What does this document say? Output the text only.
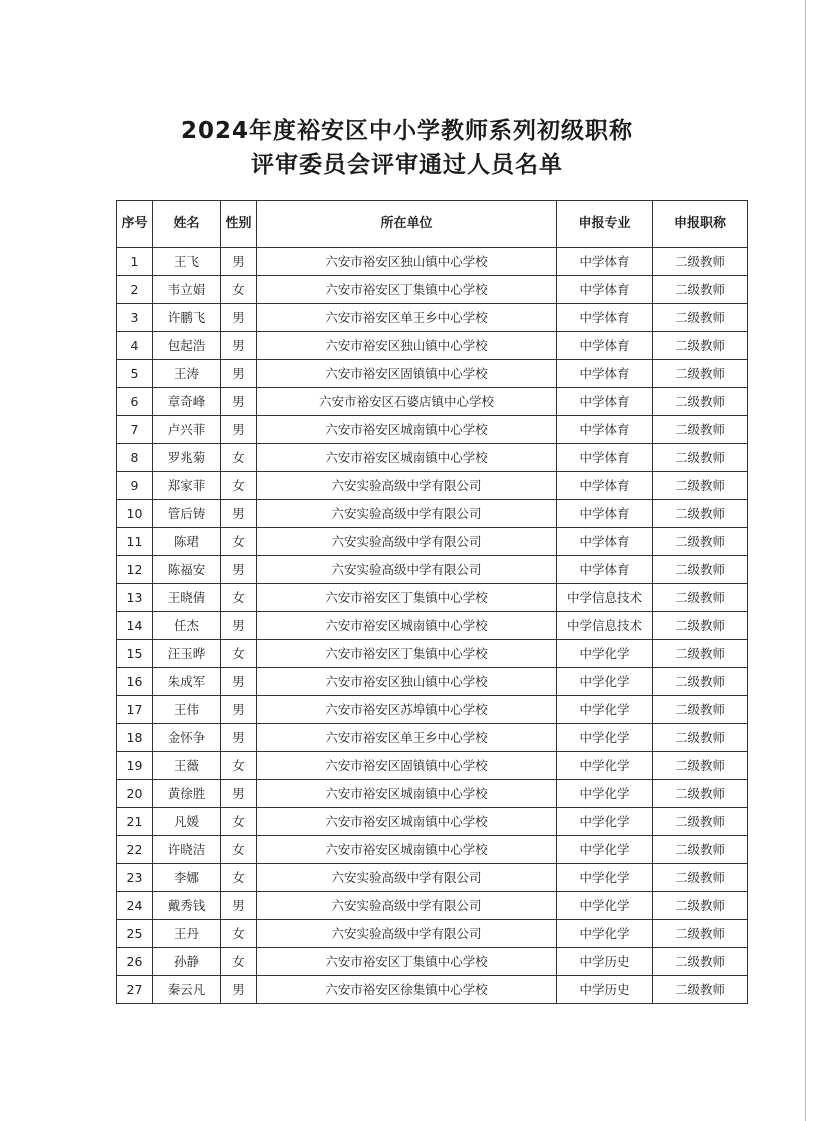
2024年度裕安区中小学教师系列初级职称
评审委员会评审通过人员名单
序号	姓名	性别	所在单位	申报专业	申报职称
1	王飞	男	六安市裕安区独山镇中心学校	中学体育	二级教师
2	韦立娟	女	六安市裕安区丁集镇中心学校	中学体育	二级教师
3	许鹏飞	男	六安市裕安区单王乡中心学校	中学体育	二级教师
4	包起浩	男	六安市裕安区独山镇中心学校	中学体育	二级教师
5	王涛	男	六安市裕安区固镇镇中心学校	中学体育	二级教师
6	章奇峰	男	六安市裕安区石婆店镇中心学校	中学体育	二级教师
7	卢兴菲	男	六安市裕安区城南镇中心学校	中学体育	二级教师
8	罗兆菊	女	六安市裕安区城南镇中心学校	中学体育	二级教师
9	郑家菲	女	六安实验高级中学有限公司	中学体育	二级教师
10	管后铸	男	六安实验高级中学有限公司	中学体育	二级教师
11	陈珺	女	六安实验高级中学有限公司	中学体育	二级教师
12	陈福安	男	六安实验高级中学有限公司	中学体育	二级教师
13	王晓倩	女	六安市裕安区丁集镇中心学校	中学信息技术	二级教师
14	任杰	男	六安市裕安区城南镇中心学校	中学信息技术	二级教师
15	汪玉晔	女	六安市裕安区丁集镇中心学校	中学化学	二级教师
16	朱成军	男	六安市裕安区独山镇中心学校	中学化学	二级教师
17	王伟	男	六安市裕安区苏埠镇中心学校	中学化学	二级教师
18	金怀争	男	六安市裕安区单王乡中心学校	中学化学	二级教师
19	王薇	女	六安市裕安区固镇镇中心学校	中学化学	二级教师
20	黄徐胜	男	六安市裕安区城南镇中心学校	中学化学	二级教师
21	凡媛	女	六安市裕安区城南镇中心学校	中学化学	二级教师
22	许晓洁	女	六安市裕安区城南镇中心学校	中学化学	二级教师
23	李娜	女	六安实验高级中学有限公司	中学化学	二级教师
24	戴秀钱	男	六安实验高级中学有限公司	中学化学	二级教师
25	王丹	女	六安实验高级中学有限公司	中学化学	二级教师
26	孙静	女	六安市裕安区丁集镇中心学校	中学历史	二级教师
27	秦云凡	男	六安市裕安区徐集镇中心学校	中学历史	二级教师
